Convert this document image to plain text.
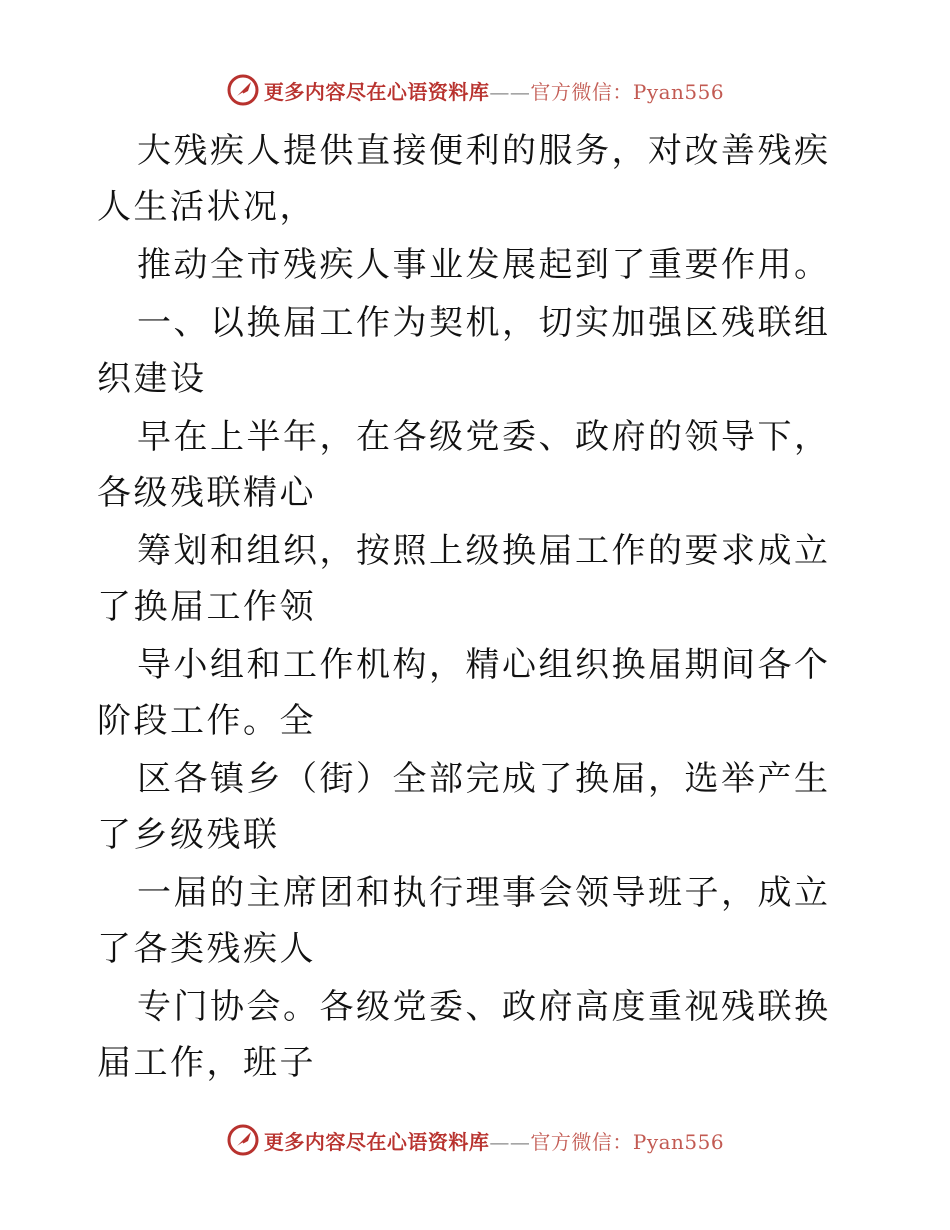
更多内容尽在心语资料库——官方微信：Pyan556

大残疾人提供直接便利的服务，对改善残疾人生活状况，

推动全市残疾人事业发展起到了重要作用。

一、以换届工作为契机，切实加强区残联组织建设

早在上半年，在各级党委、政府的领导下，各级残联精心

筹划和组织，按照上级换届工作的要求成立了换届工作领

导小组和工作机构，精心组织换届期间各个阶段工作。全

区各镇乡（街）全部完成了换届，选举产生了乡级残联

一届的主席团和执行理事会领导班子，成立了各类残疾人

专门协会。各级党委、政府高度重视残联换届工作，班子

更多内容尽在心语资料库——官方微信：Pyan556
